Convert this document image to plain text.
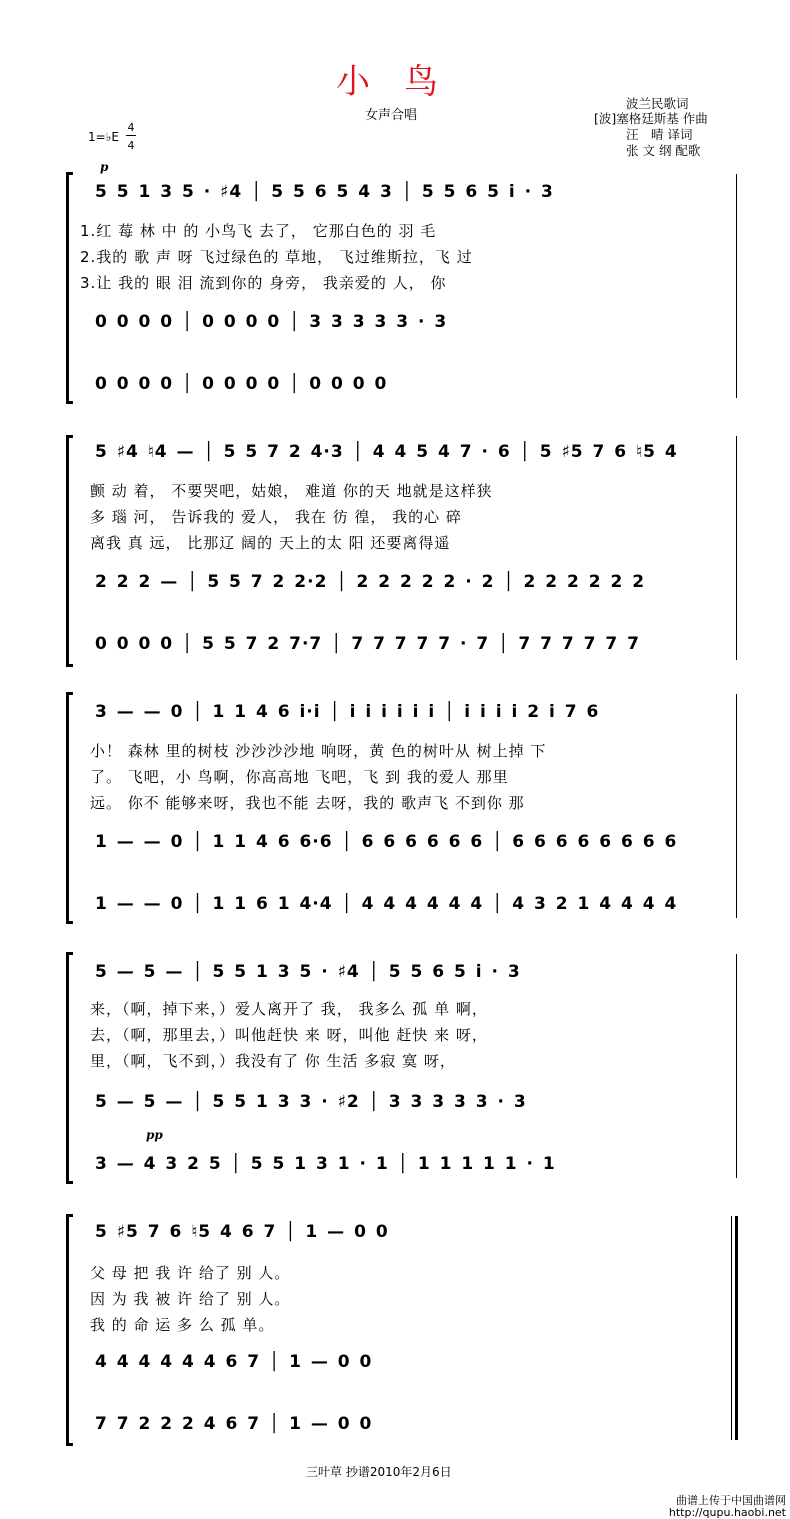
小鸟
女声合唱
波兰民歌词
[波]塞格廷斯基 作曲
汪　晴 译词
张 文 纲 配歌
1=♭E
4
4
p
pp
5 5 1 3 5 · ♯4 │ 5 5 6 5 4 3 │ 5 5 6 5 i · 3
1.红 莓 林 中 的 小鸟飞 去了， 它那白色的 羽 毛
2.我的 歌 声 呀 飞过绿色的 草地， 飞过维斯拉，飞 过
3.让 我的 眼 泪 流到你的 身旁， 我亲爱的 人， 你
0 0 0 0 │ 0 0 0 0 │ 3 3 3 3 3 · 3
0 0 0 0 │ 0 0 0 0 │ 0 0 0 0
5 ♯4 ♮4 — │ 5 5 7 2 4·3 │ 4 4 5 4 7 · 6 │ 5 ♯5 7 6 ♮5 4
颤 动 着， 不要哭吧，姑娘， 难道 你的天 地就是这样狭
多 瑙 河， 告诉我的 爱人， 我在 彷 徨， 我的心 碎
离我 真 远， 比那辽 阔的 天上的太 阳 还要离得遥
2 2 2 — │ 5 5 7 2 2·2 │ 2 2 2 2 2 · 2 │ 2 2 2 2 2 2
0 0 0 0 │ 5 5 7 2 7·7 │ 7 7 7 7 7 · 7 │ 7 7 7 7 7 7
3 — — 0 │ 1 1 4 6 i·i │ i i i i i i │ i i i i 2 i 7 6
小！ 森林 里的树枝 沙沙沙沙地 响呀，黄 色的树叶从 树上掉 下
了。 飞吧，小 鸟啊，你高高地 飞吧，飞 到 我的爱人 那里
远。 你不 能够来呀，我也不能 去呀，我的 歌声飞 不到你 那
1 — — 0 │ 1 1 4 6 6·6 │ 6 6 6 6 6 6 │ 6 6 6 6 6 6 6 6
1 — — 0 │ 1 1 6 1 4·4 │ 4 4 4 4 4 4 │ 4 3 2 1 4 4 4 4
5 — 5 — │ 5 5 1 3 5 · ♯4 │ 5 5 6 5 i · 3
来，（啊，掉下来，）爱人离开了 我， 我多么 孤 单 啊，
去，（啊，那里去，）叫他赶快 来 呀，叫他 赶快 来 呀，
里，（啊，飞不到，）我没有了 你 生活 多寂 寞 呀，
5 — 5 — │ 5 5 1 3 3 · ♯2 │ 3 3 3 3 3 · 3
3 — 4 3 2 5 │ 5 5 1 3 1 · 1 │ 1 1 1 1 1 · 1
5 ♯5 7 6 ♮5 4 6 7 │ 1 — 0 0
父 母 把 我 许 给了 别 人。
因 为 我 被 许 给了 别 人。
我 的 命 运 多 么 孤 单。
4 4 4 4 4 4 6 7 │ 1 — 0 0
7 7 2 2 2 4 6 7 │ 1 — 0 0
三叶草 抄谱2010年2月6日
曲谱上传于中国曲谱网
http://qupu.haobi.net
